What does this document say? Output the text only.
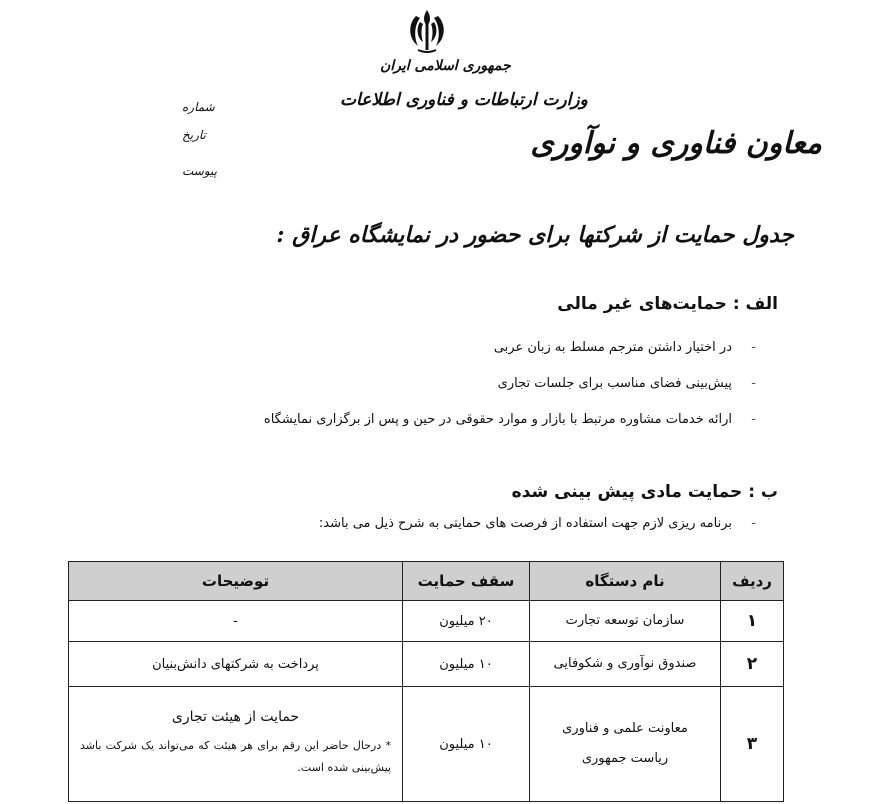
جمهوری اسلامی ایران
وزارت ارتباطات و فناوری اطلاعات
معاون فناوری و نوآوری
شماره
تاریخ
پیوست
جدول حمایت از شرکتها برای حضور در نمایشگاه عراق :
الف : حمایت‌های غیر مالی
-
در اختیار داشتن مترجم مسلط به زبان عربی
-
پیش‌بینی فضای مناسب برای جلسات تجاری
-
ارائه خدمات مشاوره مرتبط با بازار و موارد حقوقی در حین و پس از برگزاری نمایشگاه
ب : حمایت مادی پیش بینی شده
-
برنامه ریزی لازم جهت استفاده از فرصت های حمایتی به شرح ذیل می باشد:
ردیف	نام دستگاه	سقف حمایت	توضیحات
۱	سازمان توسعه تجارت	۲۰ میلیون	-
۲	صندوق نوآوری و شکوفایی	۱۰ میلیون	پرداخت به شرکتهای دانش‌بنیان
۳	معاونت علمی و فناوری
ریاست جمهوری	۱۰ میلیون	حمایت از هیئت تجاری
* درحال حاضر این رقم برای هر هیئت که می‌تواند یک شرکت باشد پیش‌بینی شده است.
